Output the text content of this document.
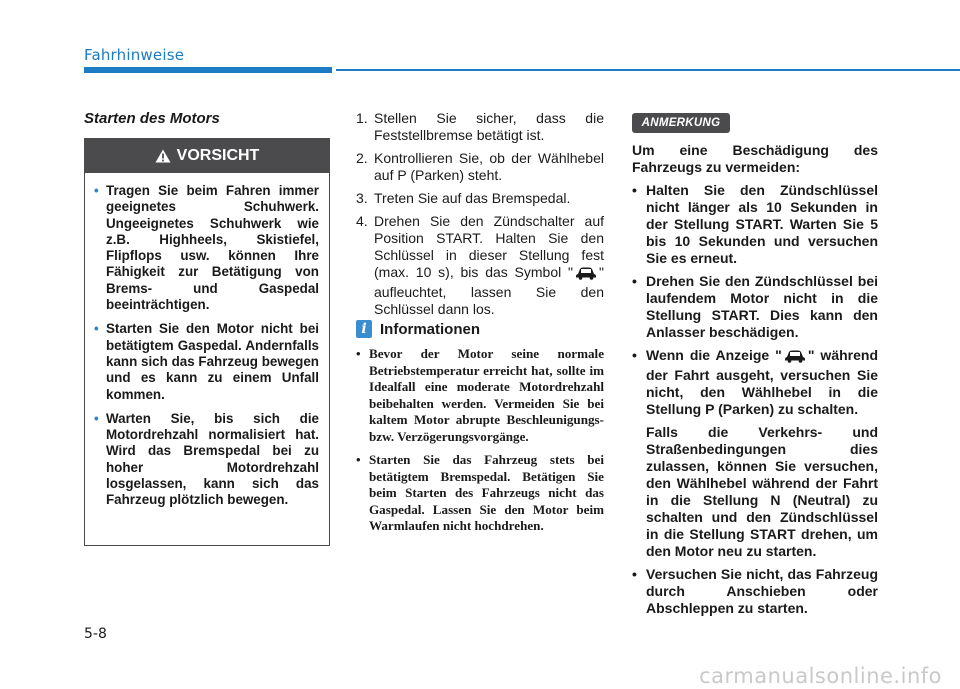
Fahrhinweise
Starten des Motors
VORSICHT
• Tragen Sie beim Fahren immer geeignetes Schuhwerk. Ungeeignetes Schuhwerk wie z.B. Highheels, Skistiefel, Flipflops usw. können Ihre Fähigkeit zur Betätigung von Brems- und Gaspedal beeinträchtigen.
• Starten Sie den Motor nicht bei betätigtem Gaspedal. Andernfalls kann sich das Fahrzeug bewegen und es kann zu einem Unfall kommen.
• Warten Sie, bis sich die Motordrehzahl normalisiert hat. Wird das Bremspedal bei zu hoher Motordrehzahl losgelassen, kann sich das Fahrzeug plötzlich bewegen.
1. Stellen Sie sicher, dass die Feststellbremse betätigt ist.
2. Kontrollieren Sie, ob der Wählhebel auf P (Parken) steht.
3. Treten Sie auf das Bremspedal.
4. Drehen Sie den Zündschalter auf Position START. Halten Sie den Schlüssel in dieser Stellung fest (max. 10 s), bis das Symbol " " aufleuchtet, lassen Sie den Schlüssel dann los.
i Informationen
• Bevor der Motor seine normale Betriebstemperatur erreicht hat, sollte im Idealfall eine moderate Motordrehzahl beibehalten werden. Vermeiden Sie bei kaltem Motor abrupte Beschleunigungs- bzw. Verzögerungsvorgänge.
• Starten Sie das Fahrzeug stets bei betätigtem Bremspedal. Betätigen Sie beim Starten des Fahrzeugs nicht das Gaspedal. Lassen Sie den Motor beim Warmlaufen nicht hochdrehen.
ANMERKUNG

Um eine Beschädigung des Fahrzeugs zu vermeiden:

• Halten Sie den Zündschlüssel nicht länger als 10 Sekunden in der Stellung START. Warten Sie 5 bis 10 Sekunden und versuchen Sie es erneut.
• Drehen Sie den Zündschlüssel bei laufendem Motor nicht in die Stellung START. Dies kann den Anlasser beschädigen.
• Wenn die Anzeige " " während der Fahrt ausgeht, versuchen Sie nicht, den Wählhebel in die Stellung P (Parken) zu schalten.
Falls die Verkehrs- und Straßenbedingungen dies zulassen, können Sie versuchen, den Wählhebel während der Fahrt in die Stellung N (Neutral) zu schalten und den Zündschlüssel in die Stellung START drehen, um den Motor neu zu starten.
• Versuchen Sie nicht, das Fahrzeug durch Anschieben oder Abschleppen zu starten.
5-8
carmanualsonline.info
